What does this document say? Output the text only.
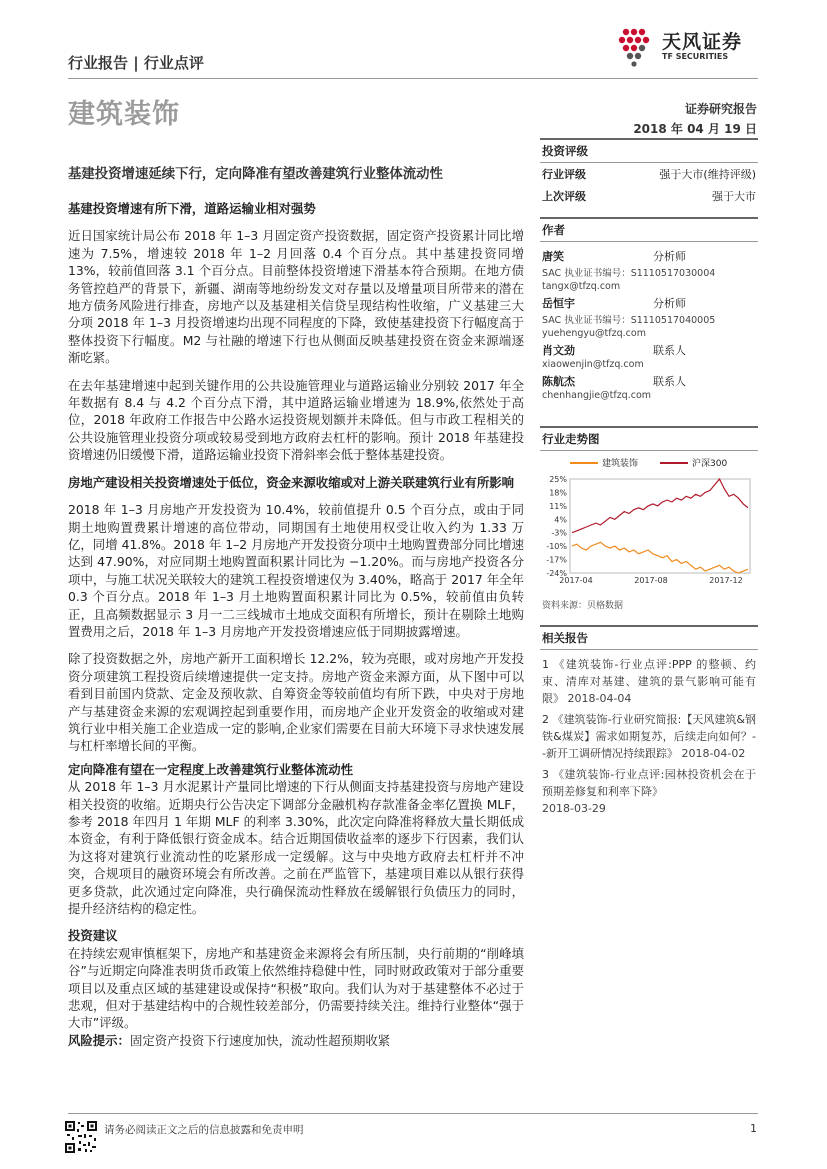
行业报告 | 行业点评
天风证券
TF SECURITIES
建筑装饰	证券研究报告
2018 年 04 月 19 日
基建投资增速延续下行，定向降准有望改善建筑行业整体流动性
基建投资增速有所下滑，道路运输业相对强势

近日国家统计局公布 2018 年 1–3 月固定资产投资数据，固定资产投资累计同比增速为 7.5%，增速较 2018 年 1–2 月回落 0.4 个百分点。其中基建投资同增 13%，较前值回落 3.1 个百分点。目前整体投资增速下滑基本符合预期。在地方债务管控趋严的背景下，新疆、湖南等地纷纷发文对存量以及增量项目所带来的潜在地方债务风险进行排查，房地产以及基建相关信贷呈现结构性收缩，广义基建三大分项 2018 年 1–3 月投资增速均出现不同程度的下降，致使基建投资下行幅度高于整体投资下行幅度。M2 与社融的增速下行也从侧面反映基建投资在资金来源端逐渐吃紧。

在去年基建增速中起到关键作用的公共设施管理业与道路运输业分别较 2017 年全年数据有 8.4 与 4.2 个百分点下滑，其中道路运输业增速为 18.9%,依然处于高位，2018 年政府工作报告中公路水运投资规划额并未降低。但与市政工程相关的公共设施管理业投资分项或较易受到地方政府去杠杆的影响。预计 2018 年基建投资增速仍旧缓慢下滑，道路运输业投资下滑斜率会低于整体基建投资。

房地产建设相关投资增速处于低位，资金来源收缩或对上游关联建筑行业有所影响

2018 年 1–3 月房地产开发投资为 10.4%，较前值提升 0.5 个百分点，或由于同期土地购置费累计增速的高位带动，同期国有土地使用权受让收入约为 1.33 万亿，同增 41.8%。2018 年 1–2 月房地产开发投资分项中土地购置费部分同比增速达到 47.90%，对应同期土地购置面积累计同比为 −1.20%。而与房地产投资各分项中，与施工状况关联较大的建筑工程投资增速仅为 3.40%，略高于 2017 年全年 0.3 个百分点。2018 年 1–3 月土地购置面积累计同比为 0.5%，较前值由负转正，且高频数据显示 3 月一二三线城市土地成交面积有所增长，预计在剔除土地购置费用之后，2018 年 1–3 月房地产开发投资增速应低于同期披露增速。

除了投资数据之外，房地产新开工面积增长 12.2%，较为亮眼，或对房地产开发投资分项建筑工程投资后续增速提供一定支持。房地产资金来源方面，从下图中可以看到目前国内贷款、定金及预收款、自筹资金等较前值均有所下跌，中央对于房地产与基建资金来源的宏观调控起到重要作用，而房地产企业开发资金的收缩或对建筑行业中相关施工企业造成一定的影响,企业家们需要在目前大环境下寻求快速发展与杠杆率增长间的平衡。

定向降准有望在一定程度上改善建筑行业整体流动性

从 2018 年 1–3 月水泥累计产量同比增速的下行从侧面支持基建投资与房地产建设相关投资的收缩。近期央行公告决定下调部分金融机构存款准备金率亿置换 MLF，参考 2018 年四月 1 年期 MLF 的利率 3.30%，此次定向降准将释放大量长期低成本资金，有利于降低银行资金成本。结合近期国债收益率的逐步下行因素，我们认为这将对建筑行业流动性的吃紧形成一定缓解。这与中央地方政府去杠杆并不冲突，合规项目的融资环境会有所改善。之前在严监管下，基建项目难以从银行获得更多贷款，此次通过定向降准，央行确保流动性释放在缓解银行负债压力的同时，提升经济结构的稳定性。

投资建议

在持续宏观审慎框架下，房地产和基建资金来源将会有所压制，央行前期的“削峰填谷”与近期定向降准表明货币政策上依然维持稳健中性，同时财政政策对于部分重要项目以及重点区域的基建建设或保持“积极”取向。我们认为对于基建整体不必过于悲观，但对于基建结构中的合规性较差部分，仍需要持续关注。维持行业整体“强于大市”评级。

风险提示：固定资产投资下行速度加快，流动性超预期收紧

投资评级
行业评级	强于大市(维持评级)
上次评级	强于大市
作者
唐笑	分析师
SAC 执业证书编号：S1110517030004
tangx@tfzq.com
岳恒宇	分析师
SAC 执业证书编号：S1110517040005
yuehengyu@tfzq.com
肖文劲	联系人
xiaowenjin@tfzq.com
陈航杰	联系人
chenhangjie@tfzq.com
行业走势图
25%
18%
11%
4%
-3%
-10%
-17%
-24%
2017-04	2017-08	2017-12
建筑装饰	沪深300
资料来源：贝格数据
相关报告
1 《建筑装饰-行业点评:PPP 的整顿、约束、清库对基建、建筑的景气影响可能有限》 2018-04-04
2 《建筑装饰-行业研究简报:【天风建筑&钢铁&煤炭】需求如期复苏，后续走向如何？--新开工调研情况持续跟踪》 2018-04-02
3 《建筑装饰-行业点评:园林投资机会在于预期差修复和利率下降》
2018-03-29
请务必阅读正文之后的信息披露和免责申明	1
